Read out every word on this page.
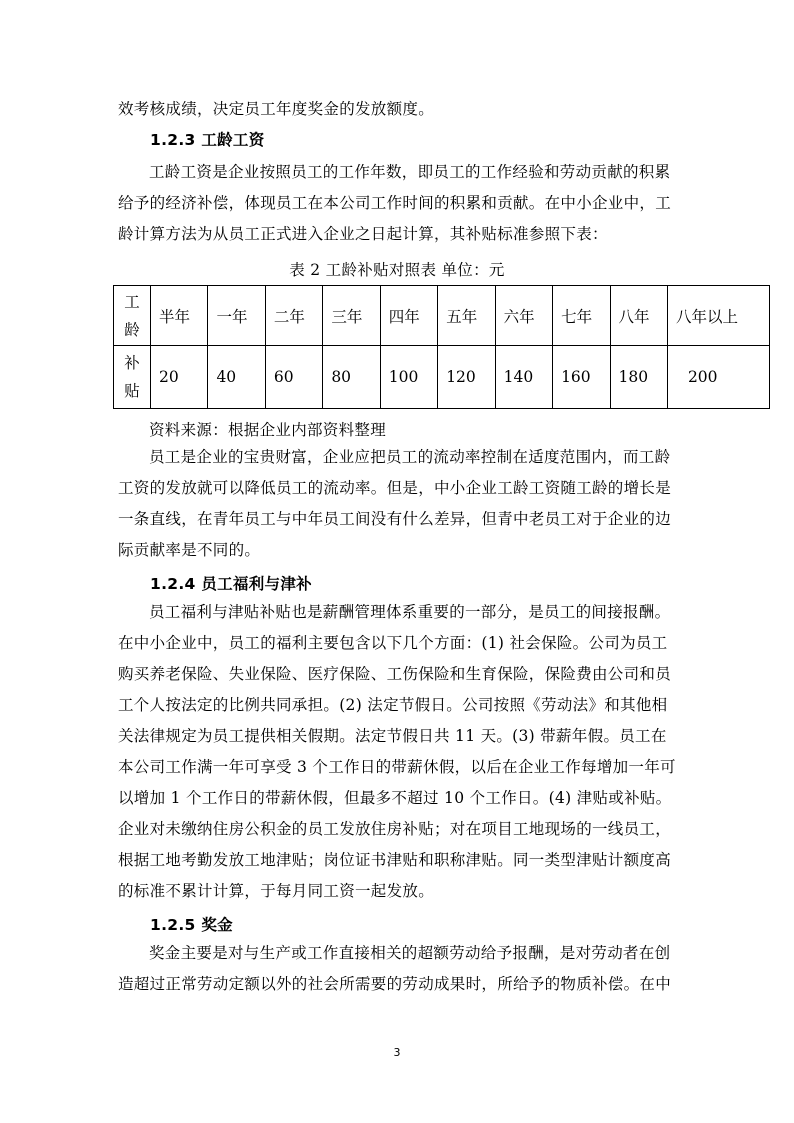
效考核成绩，决定员工年度奖金的发放额度。
1.2.3 工龄工资
工龄工资是企业按照员工的工作年数，即员工的工作经验和劳动贡献的积累
给予的经济补偿，体现员工在本公司工作时间的积累和贡献。在中小企业中，工
龄计算方法为从员工正式进入企业之日起计算，其补贴标准参照下表：
表 2 工龄补贴对照表 单位：元
工
龄	半年	一年	二年	三年	四年	五年	六年	七年	八年	八年以上

补
贴	20	40	60	80	100	120	140	160	180	200
资料来源：根据企业内部资料整理
员工是企业的宝贵财富，企业应把员工的流动率控制在适度范围内，而工龄
工资的发放就可以降低员工的流动率。但是，中小企业工龄工资随工龄的增长是
一条直线，在青年员工与中年员工间没有什么差异，但青中老员工对于企业的边
际贡献率是不同的。
1.2.4 员工福利与津补
员工福利与津贴补贴也是薪酬管理体系重要的一部分，是员工的间接报酬。
在中小企业中，员工的福利主要包含以下几个方面：(1) 社会保险。公司为员工
购买养老保险、失业保险、医疗保险、工伤保险和生育保险，保险费由公司和员
工个人按法定的比例共同承担。(2) 法定节假日。公司按照《劳动法》和其他相
关法律规定为员工提供相关假期。法定节假日共 11 天。(3) 带薪年假。员工在
本公司工作满一年可享受 3 个工作日的带薪休假，以后在企业工作每增加一年可
以增加 1 个工作日的带薪休假，但最多不超过 10 个工作日。(4) 津贴或补贴。
企业对未缴纳住房公积金的员工发放住房补贴；对在项目工地现场的一线员工，
根据工地考勤发放工地津贴；岗位证书津贴和职称津贴。同一类型津贴计额度高
的标准不累计计算，于每月同工资一起发放。
1.2.5 奖金
奖金主要是对与生产或工作直接相关的超额劳动给予报酬，是对劳动者在创
造超过正常劳动定额以外的社会所需要的劳动成果时，所给予的物质补偿。在中
3
